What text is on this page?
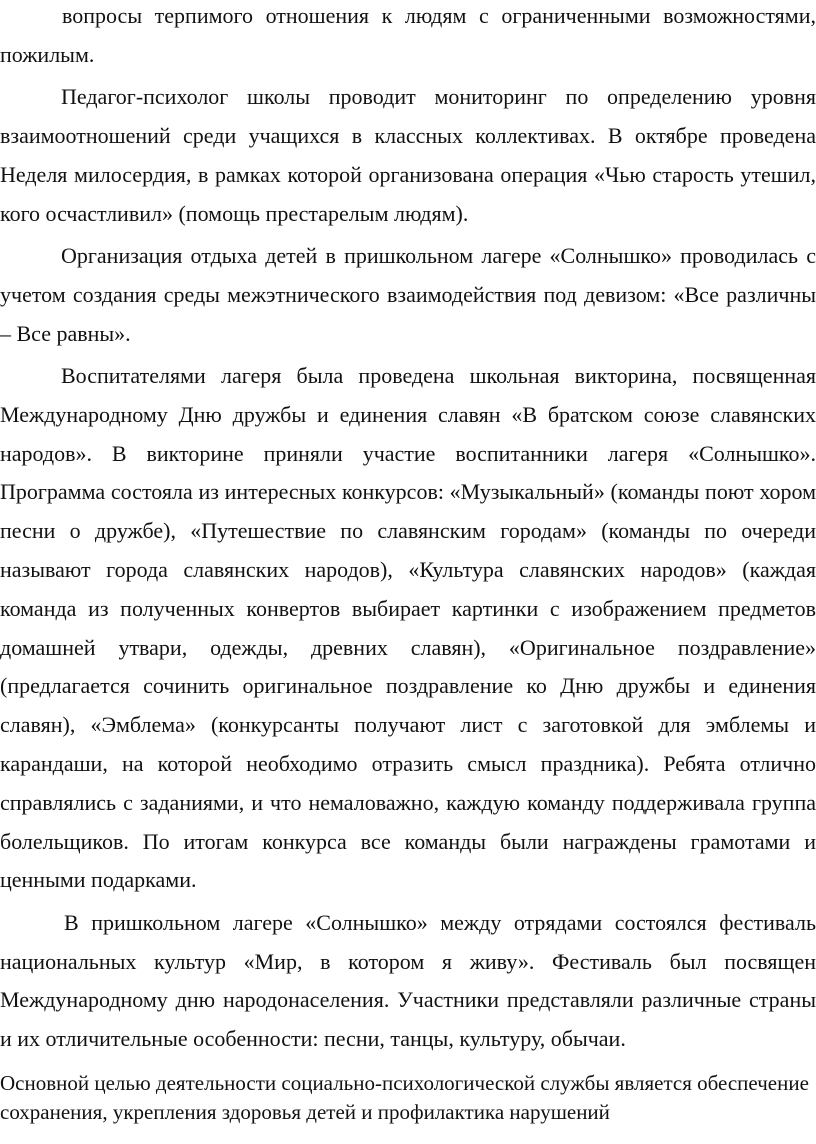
вопросы терпимого отношения к людям с ограниченными возможностями, пожилым.

Педагог-психолог школы проводит мониторинг по определению уровня взаимоотношений среди учащихся в классных коллективах. В октябре проведена Неделя милосердия, в рамках которой организована операция «Чью старость утешил, кого осчастливил» (помощь престарелым людям).

Организация отдыха детей в пришкольном лагере «Солнышко» проводилась с учетом создания среды межэтнического взаимодействия под девизом: «Все различны – Все равны».

Воспитателями лагеря была проведена школьная викторина, посвященная Международному Дню дружбы и единения славян «В братском союзе славянских народов». В викторине приняли участие воспитанники лагеря «Солнышко». Программа состояла из интересных конкурсов: «Музыкальный» (команды поют хором песни о дружбе), «Путешествие по славянским городам» (команды по очереди называют города славянских народов), «Культура славянских народов» (каждая команда из полученных конвертов выбирает картинки с изображением предметов домашней утвари, одежды, древних славян), «Оригинальное поздравление» (предлагается сочинить оригинальное поздравление ко Дню дружбы и единения славян), «Эмблема» (конкурсанты получают лист с заготовкой для эмблемы и карандаши, на которой необходимо отразить смысл праздника). Ребята отлично справлялись с заданиями, и что немаловажно, каждую команду поддерживала группа болельщиков. По итогам конкурса все команды были награждены грамотами и ценными подарками.

В пришкольном лагере «Солнышко» между отрядами состоялся фестиваль национальных культур «Мир, в котором я живу». Фестиваль был посвящен Международному дню народонаселения. Участники представляли различные страны и их отличительные особенности: песни, танцы, культуру, обычаи.

Основной целью деятельности социально-психологической службы является обеспечение сохранения, укрепления здоровья детей и профилактика нарушений
